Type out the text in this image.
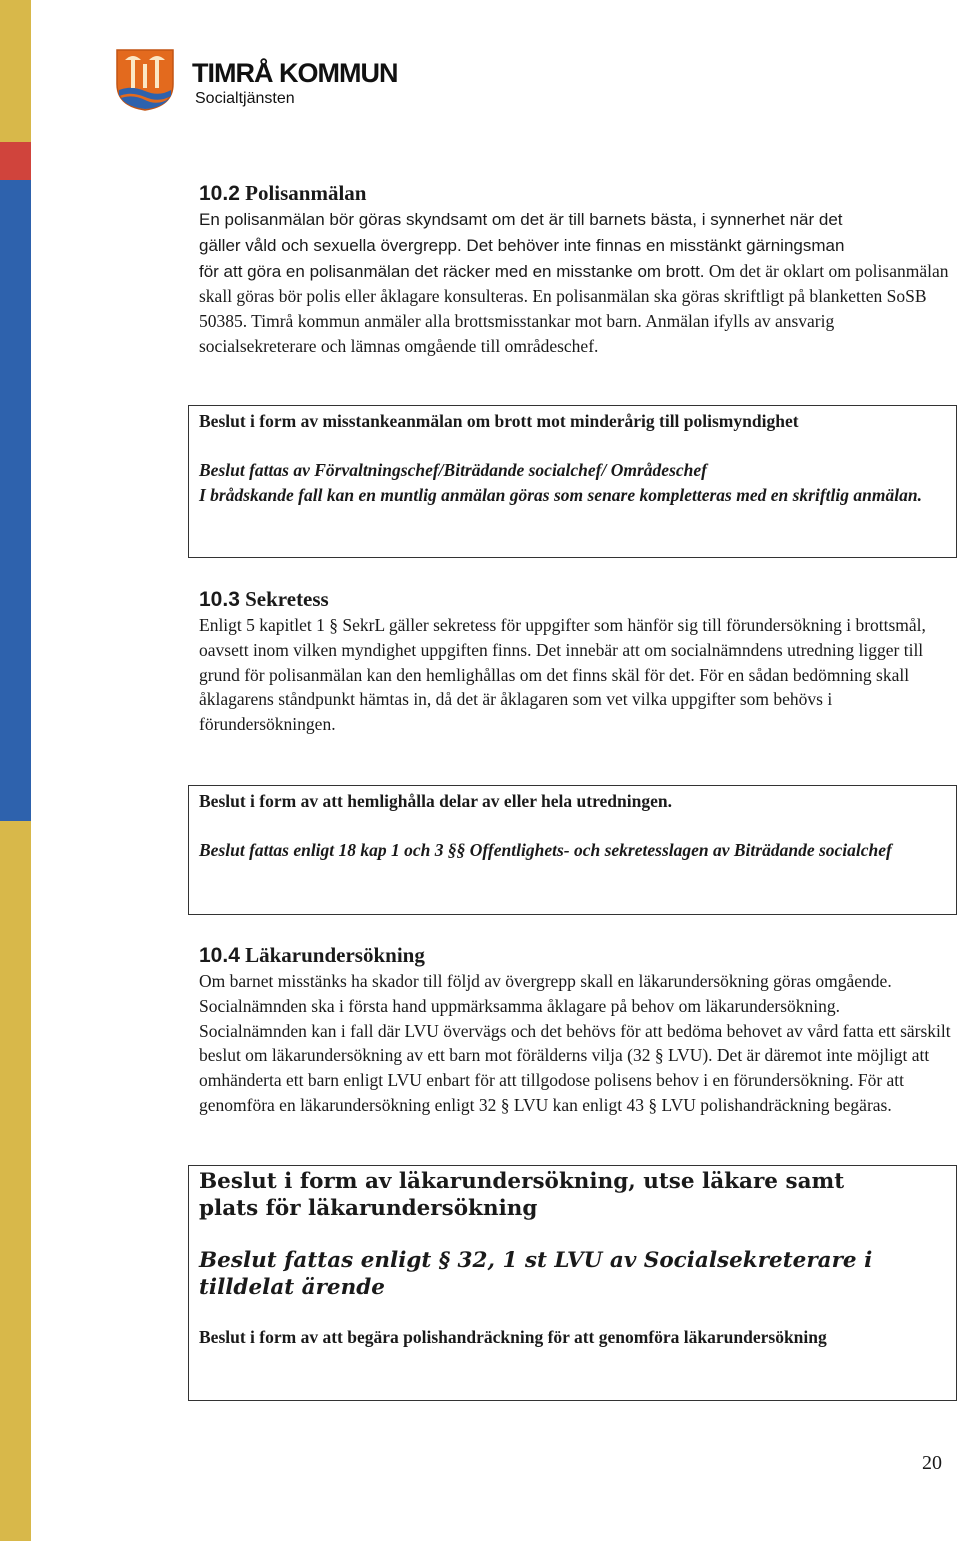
TIMRÅ KOMMUN
Socialtjänsten
10.2 Polisanmälan

En polisanmälan bör göras skyndsamt om det är till barnets bästa, i synnerhet när det
gäller våld och sexuella övergrepp. Det behöver inte finnas en misstänkt gärningsman
för att göra en polisanmälan det räcker med en misstanke om brott. Om det är oklart om polisanmälan skall göras bör polis eller åklagare konsulteras. En polisanmälan ska göras skriftligt på blanketten SoSB 50385. Timrå kommun anmäler alla brottsmisstankar mot barn. Anmälan ifylls av ansvarig socialsekreterare och lämnas omgående till områdeschef.

Beslut i form av misstankeanmälan om brott mot minderårig till polismyndighet

Beslut fattas av Förvaltningschef/Biträdande socialchef/ Områdeschef

I brådskande fall kan en muntlig anmälan göras som senare kompletteras med en skriftlig anmälan.

10.3 Sekretess

Enligt 5 kapitlet 1 § SekrL gäller sekretess för uppgifter som hänför sig till förundersökning i brottsmål, oavsett inom vilken myndighet uppgiften finns. Det innebär att om socialnämndens utredning ligger till grund för polisanmälan kan den hemlighållas om det finns skäl för det. För en sådan bedömning skall åklagarens ståndpunkt hämtas in, då det är åklagaren som vet vilka uppgifter som behövs i förundersökningen.

Beslut i form av att hemlighålla delar av eller hela utredningen.

Beslut fattas enligt 18 kap 1 och 3 §§ Offentlighets- och sekretesslagen av Biträdande socialchef

10.4 Läkarundersökning

Om barnet misstänks ha skador till följd av övergrepp skall en läkarundersökning göras omgående. Socialnämnden ska i första hand uppmärksamma åklagare på behov om läkarundersökning. Socialnämnden kan i fall där LVU övervägs och det behövs för att bedöma behovet av vård fatta ett särskilt beslut om läkarundersökning av ett barn mot förälderns vilja (32 § LVU). Det är däremot inte möjligt att omhänderta ett barn enligt LVU enbart för att tillgodose polisens behov i en förundersökning. För att genomföra en läkarundersökning enligt 32 § LVU kan enligt 43 § LVU polishandräckning begäras.

Beslut i form av läkarundersökning, utse läkare samt plats för läkarundersökning

Beslut fattas enligt § 32, 1 st LVU av Socialsekreterare i tilldelat ärende

Beslut i form av att begära polishandräckning för att genomföra läkarundersökning

20
